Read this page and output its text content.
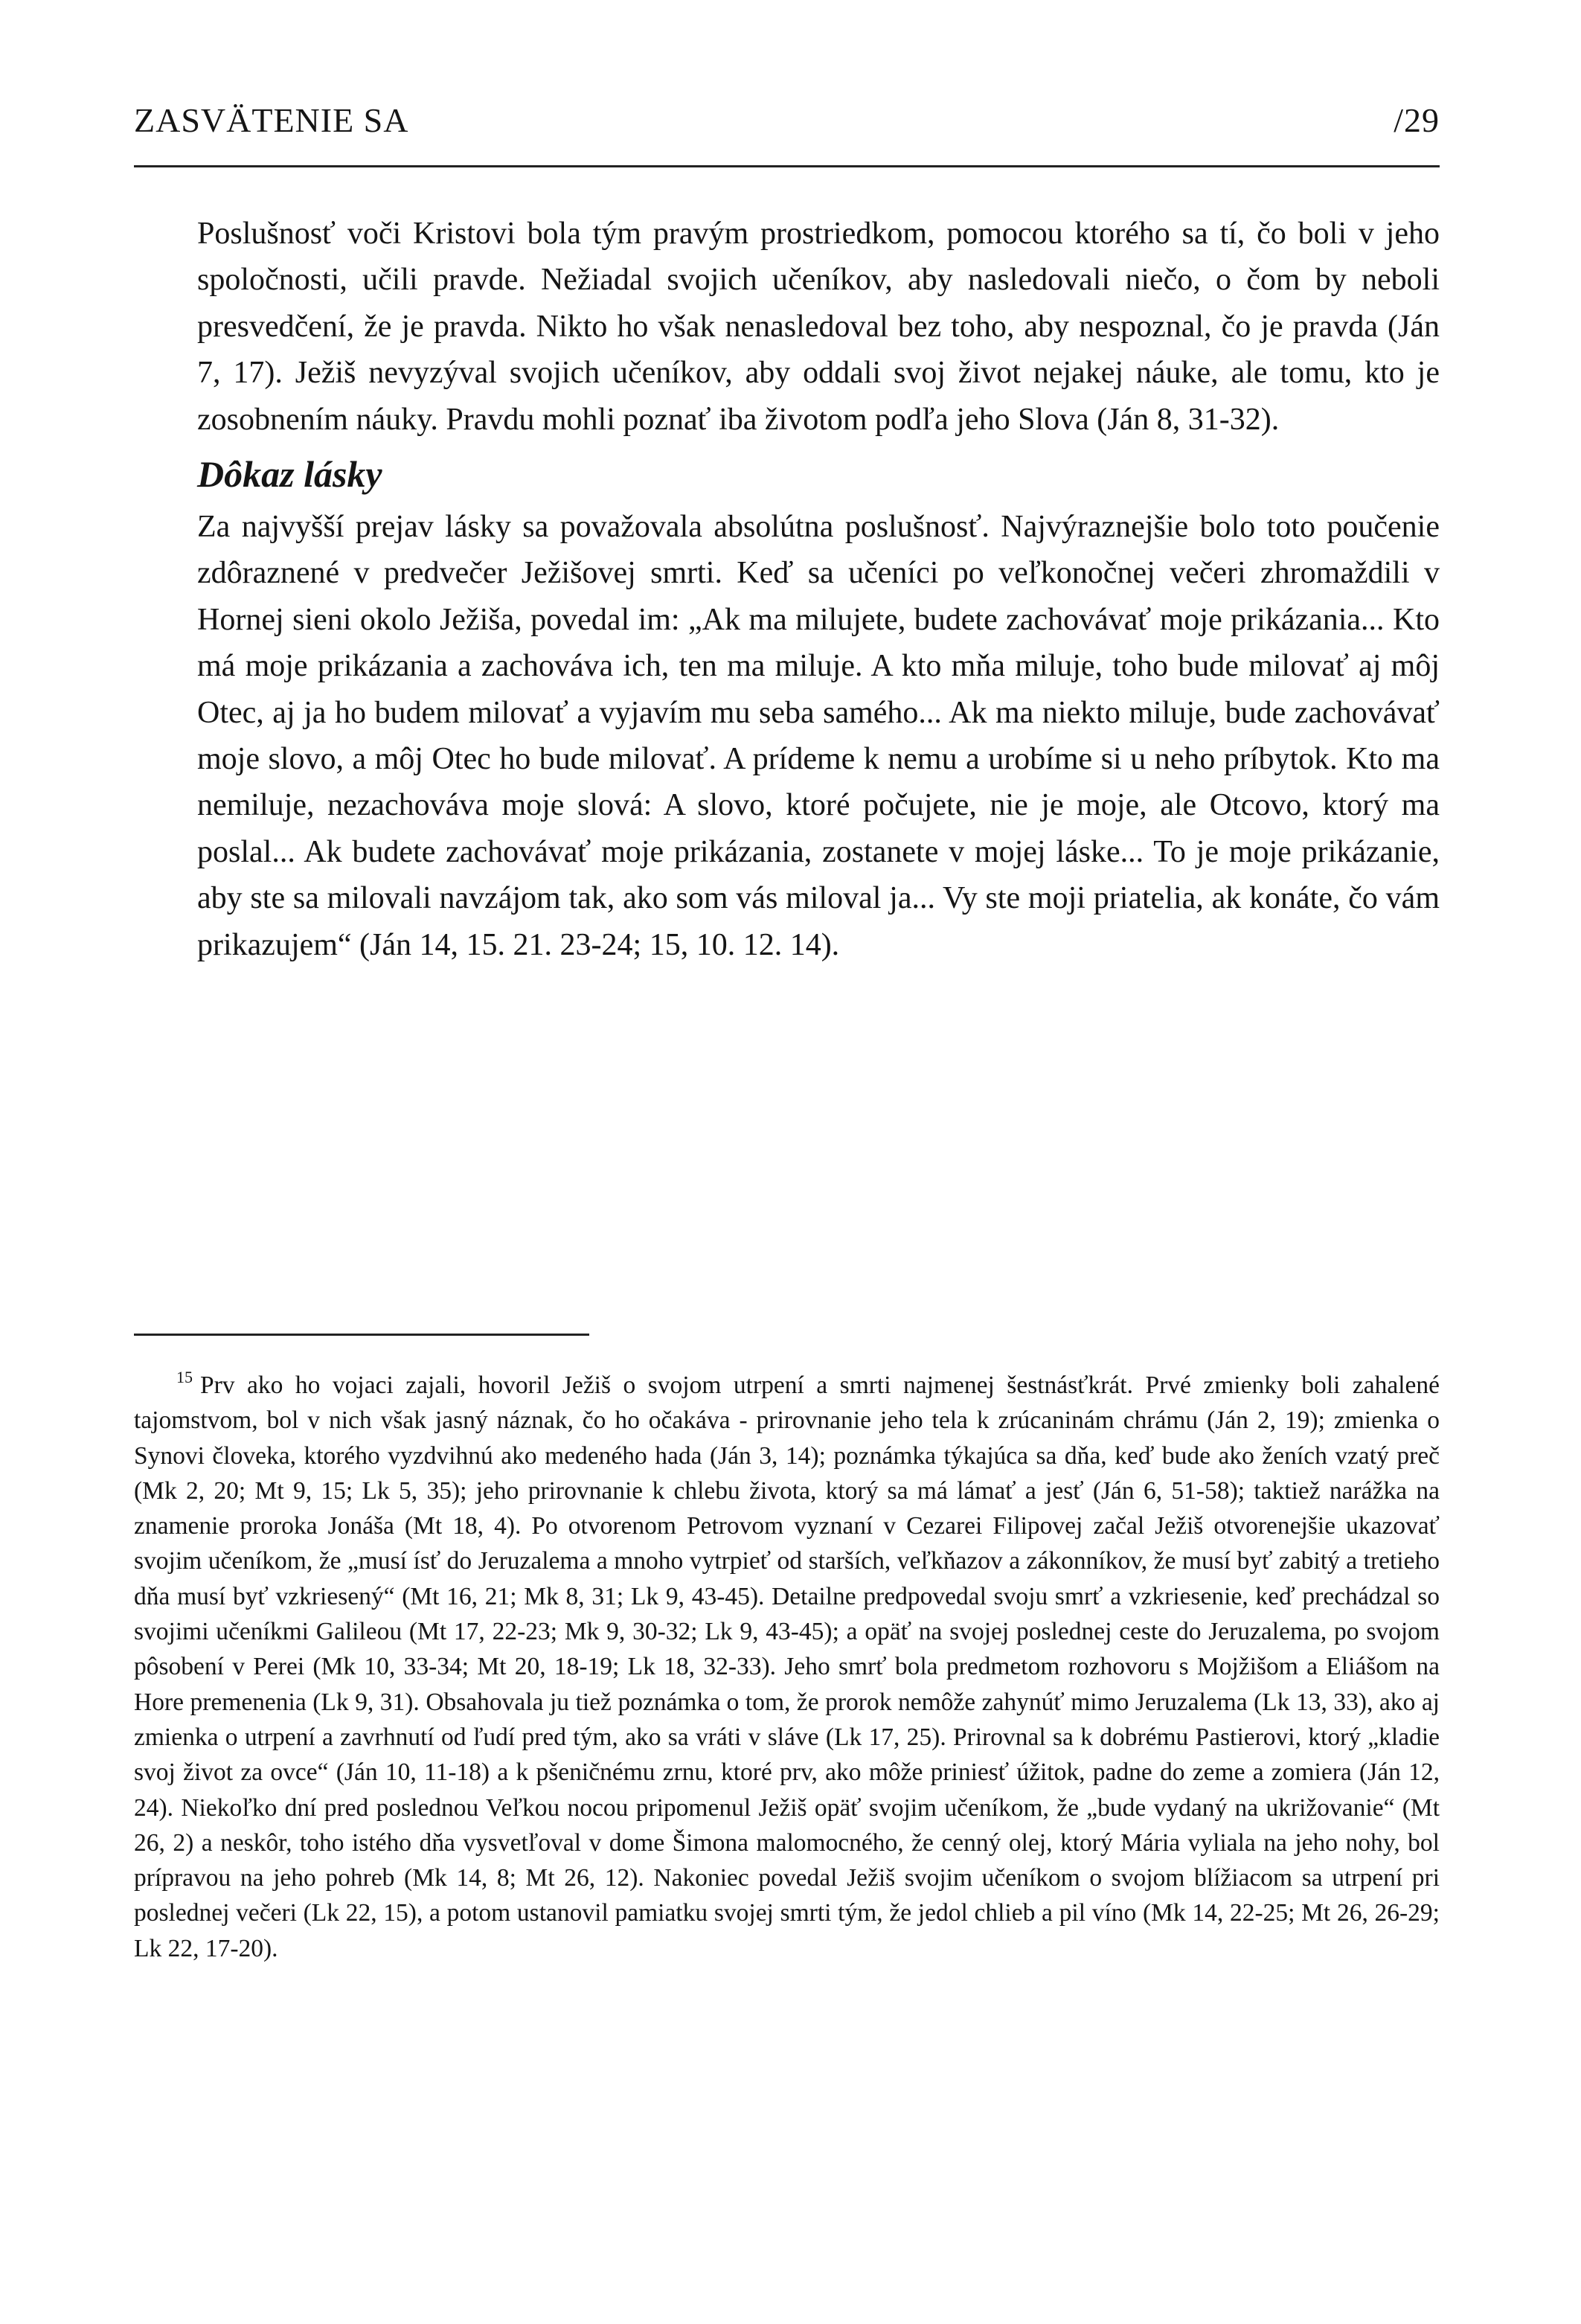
ZASVÄTENIE SA	/29

Poslušnosť voči Kristovi bola tým pravým prostriedkom, pomocou ktorého sa tí, čo boli v jeho spoločnosti, učili pravde. Nežiadal svojich učeníkov, aby nasledovali niečo, o čom by neboli presvedčení, že je pravda. Nikto ho však nenasledoval bez toho, aby nespoznal, čo je pravda (Ján 7, 17). Ježiš nevyzýval svojich učeníkov, aby oddali svoj život nejakej náuke, ale tomu, kto je zosobnením náuky. Pravdu mohli poznať iba životom podľa jeho Slova (Ján 8, 31-32).

Dôkaz lásky

Za najvyšší prejav lásky sa považovala absolútna poslušnosť. Najvýraznejšie bolo toto poučenie zdôraznené v predvečer Ježišovej smrti. Keď sa učeníci po veľkonočnej večeri zhromaždili v Hornej sieni okolo Ježiša, povedal im: „Ak ma milujete, budete zachovávať moje prikázania... Kto má moje prikázania a zachováva ich, ten ma miluje. A kto mňa miluje, toho bude milovať aj môj Otec, aj ja ho budem milovať a vyjavím mu seba samého... Ak ma niekto miluje, bude zachovávať moje slovo, a môj Otec ho bude milovať. A prídeme k nemu a urobíme si u neho príbytok. Kto ma nemiluje, nezachováva moje slová: A slovo, ktoré počujete, nie je moje, ale Otcovo, ktorý ma poslal... Ak budete zachovávať moje prikázania, zostanete v mojej láske... To je moje prikázanie, aby ste sa milovali navzájom tak, ako som vás miloval ja... Vy ste moji priatelia, ak konáte, čo vám prikazujem“ (Ján 14, 15. 21. 23-24; 15, 10. 12. 14).

$^{15}$ Prv ako ho vojaci zajali, hovoril Ježiš o svojom utrpení a smrti najmenej šestnásťkrát. Prvé zmienky boli zahalené tajomstvom, bol v nich však jasný náznak, čo ho očakáva - prirovnanie jeho tela k zrúcaninám chrámu (Ján 2, 19); zmienka o Synovi človeka, ktorého vyzdvihnú ako medeného hada (Ján 3, 14); poznámka týkajúca sa dňa, keď bude ako ženích vzatý preč (Mk 2, 20; Mt 9, 15; Lk 5, 35); jeho prirovnanie k chlebu života, ktorý sa má lámať a jesť (Ján 6, 51-58); taktiež narážka na znamenie proroka Jonáša (Mt 18, 4). Po otvorenom Petrovom vyznaní v Cezarei Filipovej začal Ježiš otvorenejšie ukazovať svojim učeníkom, že „musí ísť do Jeruzalema a mnoho vytrpieť od starších, veľkňazov a zákonníkov, že musí byť zabitý a tretieho dňa musí byť vzkriesený“ (Mt 16, 21; Mk 8, 31; Lk 9, 43-45). Detailne predpovedal svoju smrť a vzkriesenie, keď prechádzal so svojimi učeníkmi Galileou (Mt 17, 22-23; Mk 9, 30-32; Lk 9, 43-45); a opäť na svojej poslednej ceste do Jeruzalema, po svojom pôsobení v Perei (Mk 10, 33-34; Mt 20, 18-19; Lk 18, 32-33). Jeho smrť bola predmetom rozhovoru s Mojžišom a Eliášom na Hore premenenia (Lk 9, 31). Obsahovala ju tiež poznámka o tom, že prorok nemôže zahynúť mimo Jeruzalema (Lk 13, 33), ako aj zmienka o utrpení a zavrhnutí od ľudí pred tým, ako sa vráti v sláve (Lk 17, 25). Prirovnal sa k dobrému Pastierovi, ktorý „kladie svoj život za ovce“ (Ján 10, 11-18) a k pšeničnému zrnu, ktoré prv, ako môže priniesť úžitok, padne do zeme a zomiera (Ján 12, 24). Niekoľko dní pred poslednou Veľkou nocou pripomenul Ježiš opäť svojim učeníkom, že „bude vydaný na ukrižovanie“ (Mt 26, 2) a neskôr, toho istého dňa vysvetľoval v dome Šimona malomocného, že cenný olej, ktorý Mária vyliala na jeho nohy, bol prípravou na jeho pohreb (Mk 14, 8; Mt 26, 12). Nakoniec povedal Ježiš svojim učeníkom o svojom blížiacom sa utrpení pri poslednej večeri (Lk 22, 15), a potom ustanovil pamiatku svojej smrti tým, že jedol chlieb a pil víno (Mk 14, 22-25; Mt 26, 26-29; Lk 22, 17-20).
